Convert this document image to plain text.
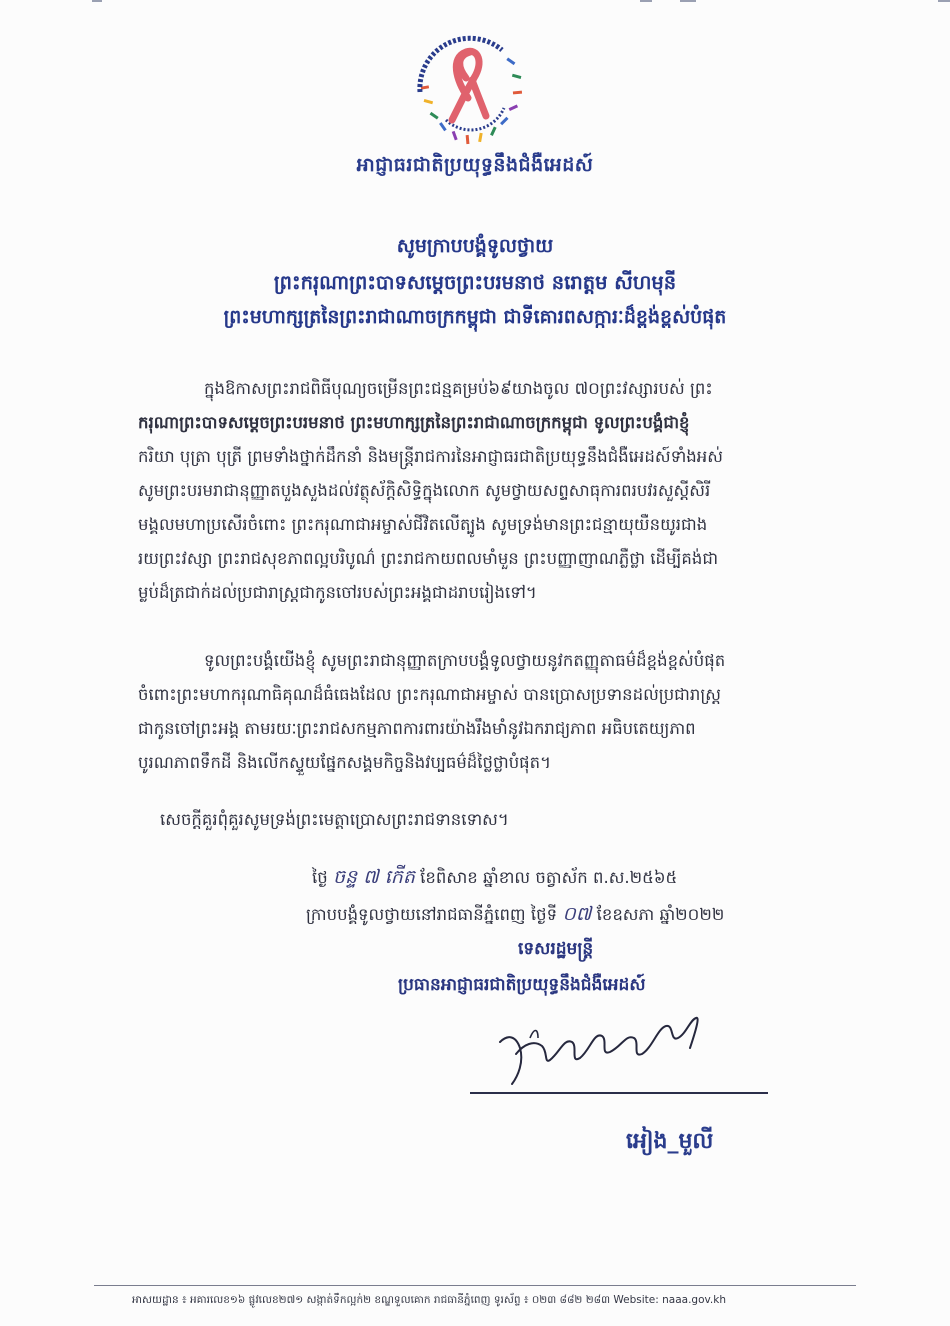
អាជ្ញាធរជាតិប្រយុទ្ធនឹងជំងឺអេដស៍ NATIONAL AIDS AUTHORITY
អាជ្ញាធរជាតិប្រយុទ្ធនឹងជំងឺអេដស៍
សូមក្រាបបង្គំទូលថ្វាយ
ព្រះករុណាព្រះបាទសម្តេចព្រះបរមនាថ នរោត្តម សីហមុនី
ព្រះមហាក្សត្រនៃព្រះរាជាណាចក្រកម្ពុជា ជាទីគោរពសក្ការៈដ៏ខ្ពង់ខ្ពស់បំផុត
ក្នុងឱកាសព្រះរាជពិធីបុណ្យចម្រើនព្រះជន្មគម្រប់៦៩យាងចូល ៧០ព្រះវស្សារបស់ ព្រះ
ករុណាព្រះបាទសម្តេចព្រះបរមនាថ ព្រះមហាក្សត្រនៃព្រះរាជាណាចក្រកម្ពុជា ទូលព្រះបង្គំជាខ្ញុំ
ករិយា បុត្រា បុត្រី ព្រមទាំងថ្នាក់ដឹកនាំ និងមន្ត្រីរាជការនៃអាជ្ញាធរជាតិប្រយុទ្ធនឹងជំងឺអេដស៍ទាំងអស់
សូមព្រះបរមរាជានុញ្ញាតបួងសួងដល់វត្ថុស័ក្តិសិទ្ធិក្នុងលោក សូមថ្វាយសព្ទសាធុការពរបវរសួស្តីសិរី
មង្គលមហាប្រសើរចំពោះ ព្រះករុណាជាអម្ចាស់ជីវិតលើត្បូង សូមទ្រង់មានព្រះជន្មាយុយឺនយូរជាង
រយព្រះវស្សា ព្រះរាជសុខភាពល្អបរិបូណ៌ ព្រះរាជកាយពលមាំមួន ព្រះបញ្ញាញាណភ្លឺថ្លា ដើម្បីគង់ជា
ម្លប់ដ៏ត្រជាក់ដល់ប្រជារាស្ត្រជាកូនចៅរបស់ព្រះអង្គជាដរាបរៀងទៅ។
ទូលព្រះបង្គំយើងខ្ញុំ សូមព្រះរាជានុញ្ញាតក្រាបបង្គំទូលថ្វាយនូវកតញ្ញុតាធម៌ដ៏ខ្ពង់ខ្ពស់បំផុត
ចំពោះព្រះមហាករុណាធិគុណដ៏ធំធេងដែល ព្រះករុណាជាអម្ចាស់ បានប្រោសប្រទានដល់ប្រជារាស្ត្រ
ជាកូនចៅព្រះអង្គ តាមរយៈព្រះរាជសកម្មភាពការពារយ៉ាងរឹងមាំនូវឯករាជ្យភាព អធិបតេយ្យភាព
បូរណភាពទឹកដី និងលើកស្ទួយផ្នែកសង្គមកិច្ចនិងវប្បធម៌ដ៏ថ្លៃថ្លាបំផុត។
សេចក្តីគួរពុំគួរសូមទ្រង់ព្រះមេត្តាប្រោសព្រះរាជទានទោស។
ថ្ងៃ ចន្ទ ៧ កើត ខែពិសាខ ឆ្នាំខាល ចត្វាស័ក ព.ស.២៥៦៥
ក្រាបបង្គំទូលថ្វាយនៅរាជធានីភ្នំពេញ ថ្ងៃទី ០៧ ខែឧសភា ឆ្នាំ២០២២
ទេសរដ្ឋមន្ត្រី
ប្រធានអាជ្ញាធរជាតិប្រយុទ្ធនឹងជំងឺអេដស៍
អៀង_មួលី
អាសយដ្ឋាន ៖ អគារលេខ១៦ ផ្លូវលេខ២៧១ សង្កាត់ទឹកល្អក់២ ខណ្ឌទួលគោក រាជធានីភ្នំពេញ ទូរស័ព្ទ ៖ ០២៣ ៨៨២ ២៨៣ Website: naaa.gov.kh
